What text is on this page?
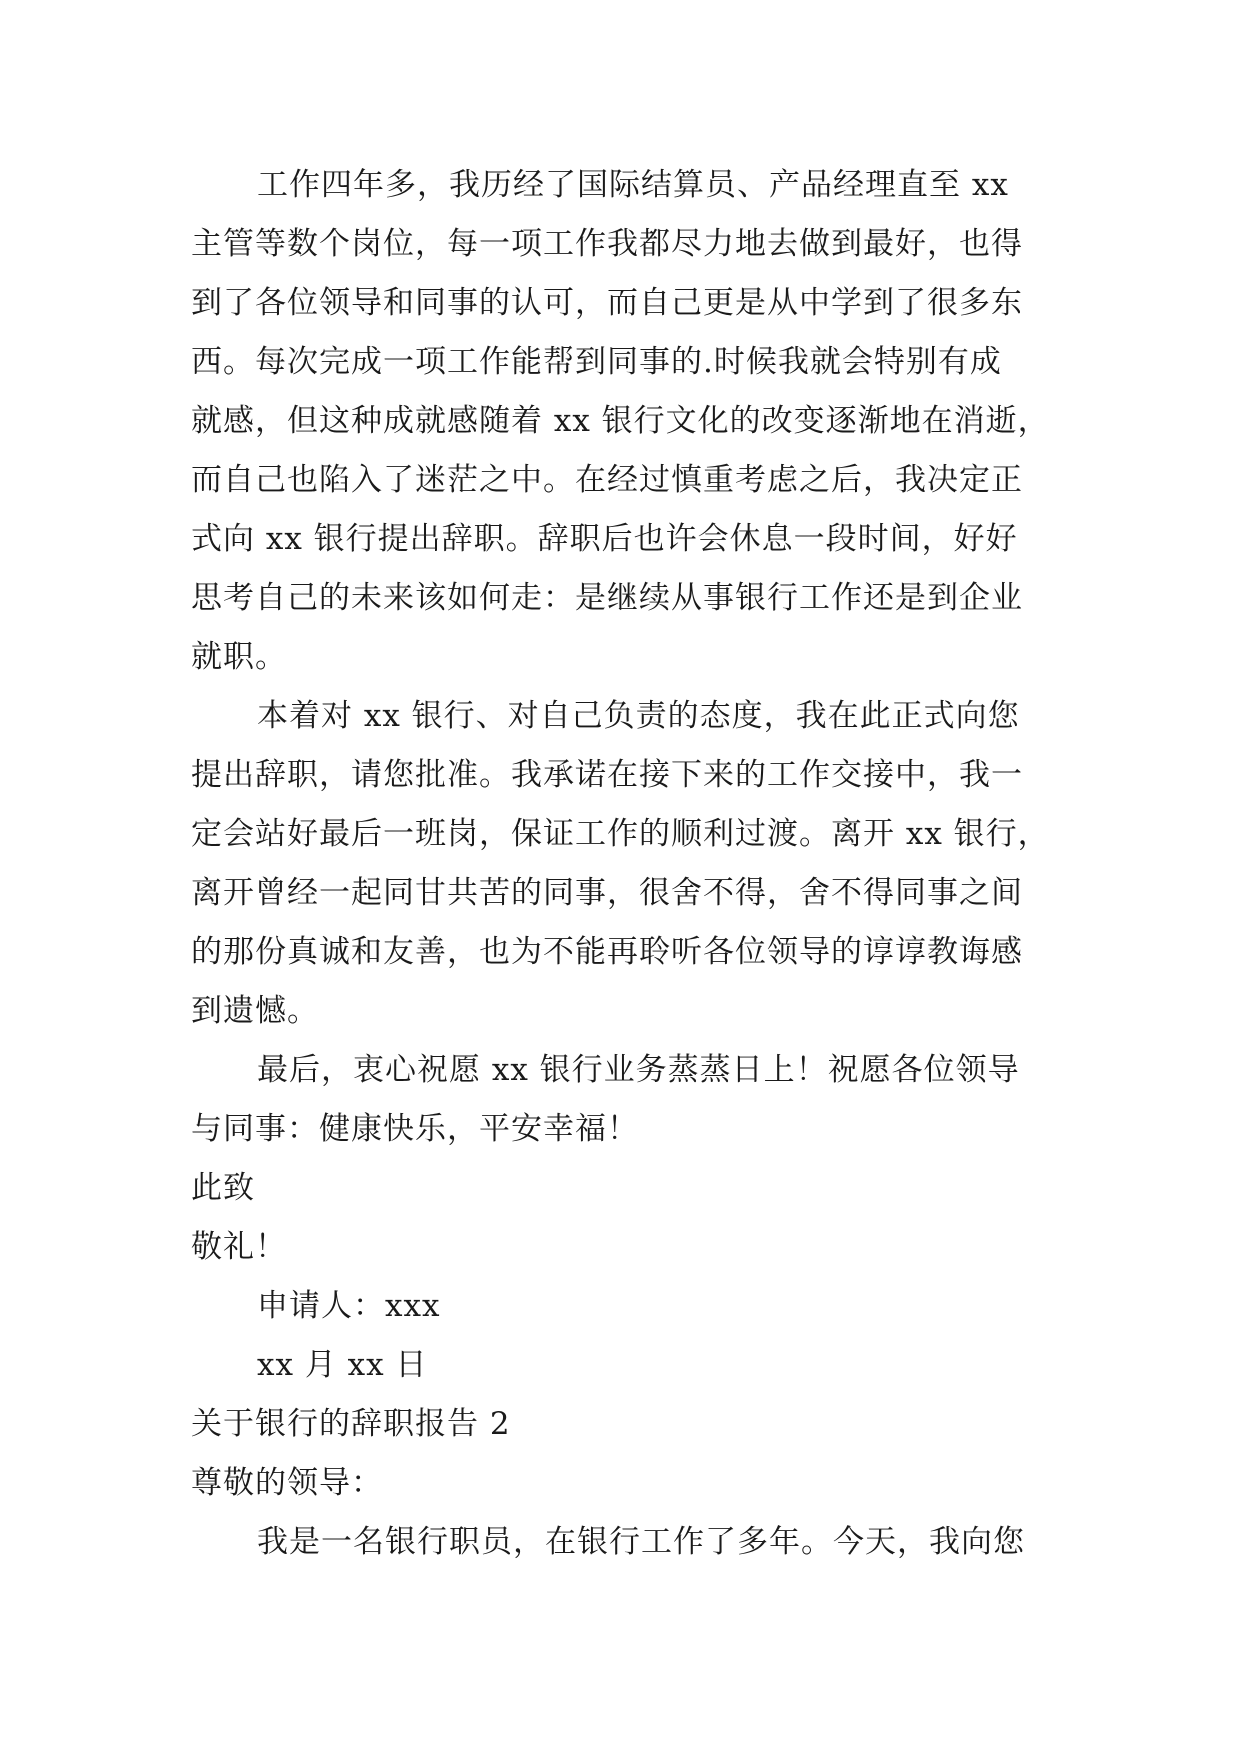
工作四年多，我历经了国际结算员、产品经理直至 xx
主管等数个岗位，每一项工作我都尽力地去做到最好，也得
到了各位领导和同事的认可，而自己更是从中学到了很多东
西。每次完成一项工作能帮到同事的.时候我就会特别有成
就感，但这种成就感随着 xx 银行文化的改变逐渐地在消逝，
而自己也陷入了迷茫之中。在经过慎重考虑之后，我决定正
式向 xx 银行提出辞职。辞职后也许会休息一段时间，好好
思考自己的未来该如何走：是继续从事银行工作还是到企业
就职。
本着对 xx 银行、对自己负责的态度，我在此正式向您
提出辞职，请您批准。我承诺在接下来的工作交接中，我一
定会站好最后一班岗，保证工作的顺利过渡。离开 xx 银行，
离开曾经一起同甘共苦的同事，很舍不得，舍不得同事之间
的那份真诚和友善，也为不能再聆听各位领导的谆谆教诲感
到遗憾。
最后，衷心祝愿 xx 银行业务蒸蒸日上！祝愿各位领导
与同事：健康快乐，平安幸福！
此致
敬礼！
申请人：xxx
xx 月 xx 日
关于银行的辞职报告 2
尊敬的领导：
我是一名银行职员，在银行工作了多年。今天，我向您
